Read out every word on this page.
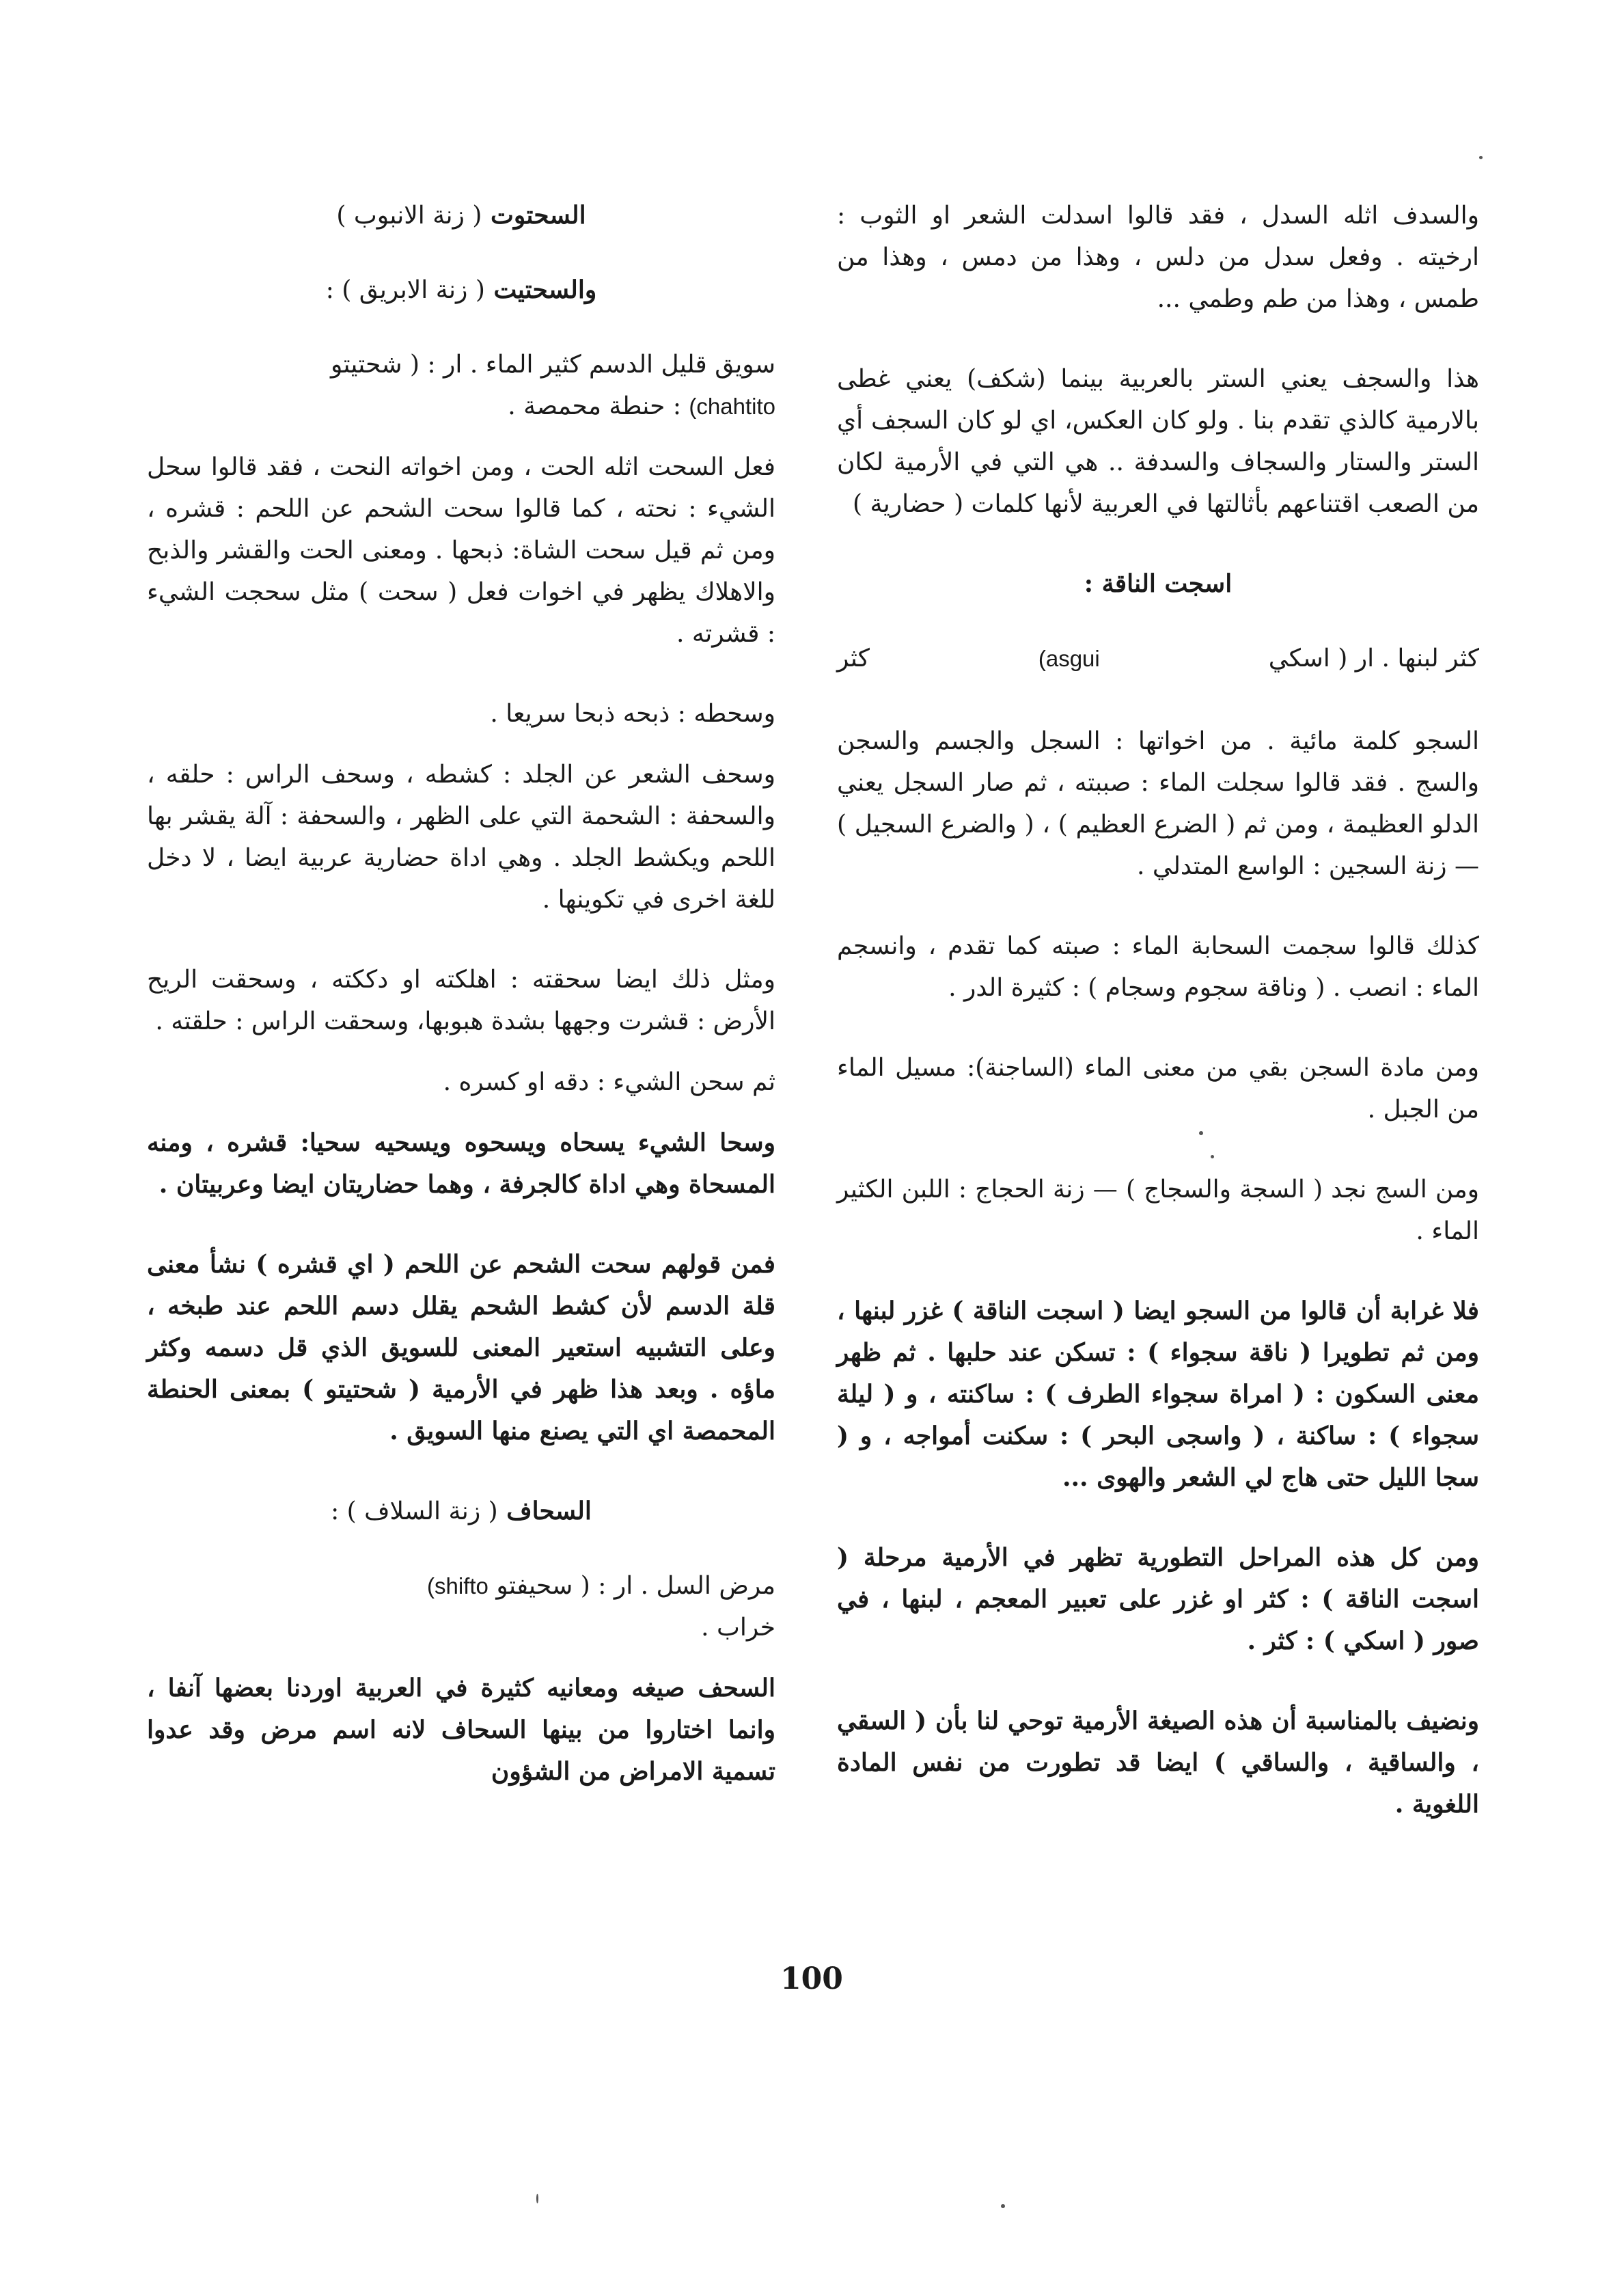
والسدف اثله السدل ، فقد قالوا اسدلت الشعر او الثوب : ارخيته . وفعل سدل من دلس ، وهذا من دمس ، وهذا من طمس ، وهذا من طم وطمي ...

هذا والسجف يعني الستر بالعربية بينما (شكف) يعني غطى بالارمية كالذي تقدم بنا . ولو كان العكس، اي لو كان السجف أي الستر والستار والسجاف والسدفة .. هي التي في الأرمية لكان من الصعب اقتناعهم بأثالتها في العربية لأنها كلمات ( حضارية )

اسجت الناقة :
كثر لبنها . ار ( اسكي
(asgui
كثر

السجو كلمة مائية . من اخواتها : السجل والجسم والسجن والسج . فقد قالوا سجلت الماء : صببته ، ثم صار السجل يعني الدلو العظيمة ، ومن ثم ( الضرع العظيم ) ، ( والضرع السجيل ) — زنة السجين : الواسع المتدلي .

كذلك قالوا سجمت السحابة الماء : صبته كما تقدم ، وانسجم الماء : انصب . ( وناقة سجوم وسجام ) : كثيرة الدر .

ومن مادة السجن بقي من معنى الماء (الساجنة): مسيل الماء من الجبل .

ومن السج نجد ( السجة والسجاج ) — زنة الحجاج : اللبن الكثير الماء .

فلا غرابة أن قالوا من السجو ايضا ( اسجت الناقة ) غزر لبنها ، ومن ثم تطويرا ( ناقة سجواء ) : تسكن عند حلبها . ثم ظهر معنى السكون : ( امراة سجواء الطرف ) : ساكنته ، و ( ليلة سجواء ) : ساكنة ، ( واسجى البحر ) : سكنت أمواجه ، و ( سجا الليل حتى هاج لي الشعر والهوى ...

ومن كل هذه المراحل التطورية تظهر في الأرمية مرحلة ( اسجت الناقة ) : كثر او غزر على تعبير المعجم ، لبنها ، في صور ( اسكي ) : كثر .

ونضيف بالمناسبة أن هذه الصيغة الأرمية توحي لنا بأن ( السقي ، والساقية ، والساقي ) ايضا قد تطورت من نفس المادة اللغوية .

السحتوت ( زنة الانبوب )
والسحتيت ( زنة الابريق ) :
سويق قليل الدسم كثير الماء . ار : ( شحتيتو
(chahtito : حنطة محمصة .

فعل السحت اثله الحت ، ومن اخواته النحت ، فقد قالوا سحل الشيء : نحته ، كما قالوا سحت الشحم عن اللحم : قشره ، ومن ثم قيل سحت الشاة: ذبحها . ومعنى الحت والقشر والذبح والاهلاك يظهر في اخوات فعل ( سحت ) مثل سحجت الشيء : قشرته .

وسحطه : ذبحه ذبحا سريعا .

وسحف الشعر عن الجلد : كشطه ، وسحف الراس : حلقه ، والسحفة : الشحمة التي على الظهر ، والسحفة : آلة يقشر بها اللحم ويكشط الجلد . وهي اداة حضارية عربية ايضا ، لا دخل للغة اخرى في تكوينها .

ومثل ذلك ايضا سحقته : اهلكته او دككته ، وسحقت الريح الأرض : قشرت وجهها بشدة هبوبها، وسحقت الراس : حلقته .

ثم سحن الشيء : دقه او كسره .

وسحا الشيء يسحاه ويسحوه ويسحيه سحيا: قشره ، ومنه المسحاة وهي اداة كالجرفة ، وهما حضاريتان ايضا وعربيتان .

فمن قولهم سحت الشحم عن اللحم ( اي قشره ) نشأ معنى قلة الدسم لأن كشط الشحم يقلل دسم اللحم عند طبخه ، وعلى التشبيه استعير المعنى للسويق الذي قل دسمه وكثر ماؤه . وبعد هذا ظهر في الأرمية ( شحتيتو ) بمعنى الحنطة المحمصة اي التي يصنع منها السويق .

السحاف ( زنة السلاف ) :
مرض السل . ار : ( سحيفتو (shifto
خراب .

السحف صيغه ومعانيه كثيرة في العربية اوردنا بعضها آنفا ، وانما اختاروا من بينها السحاف لانه اسم مرض وقد عدوا تسمية الامراض من الشؤون

100
